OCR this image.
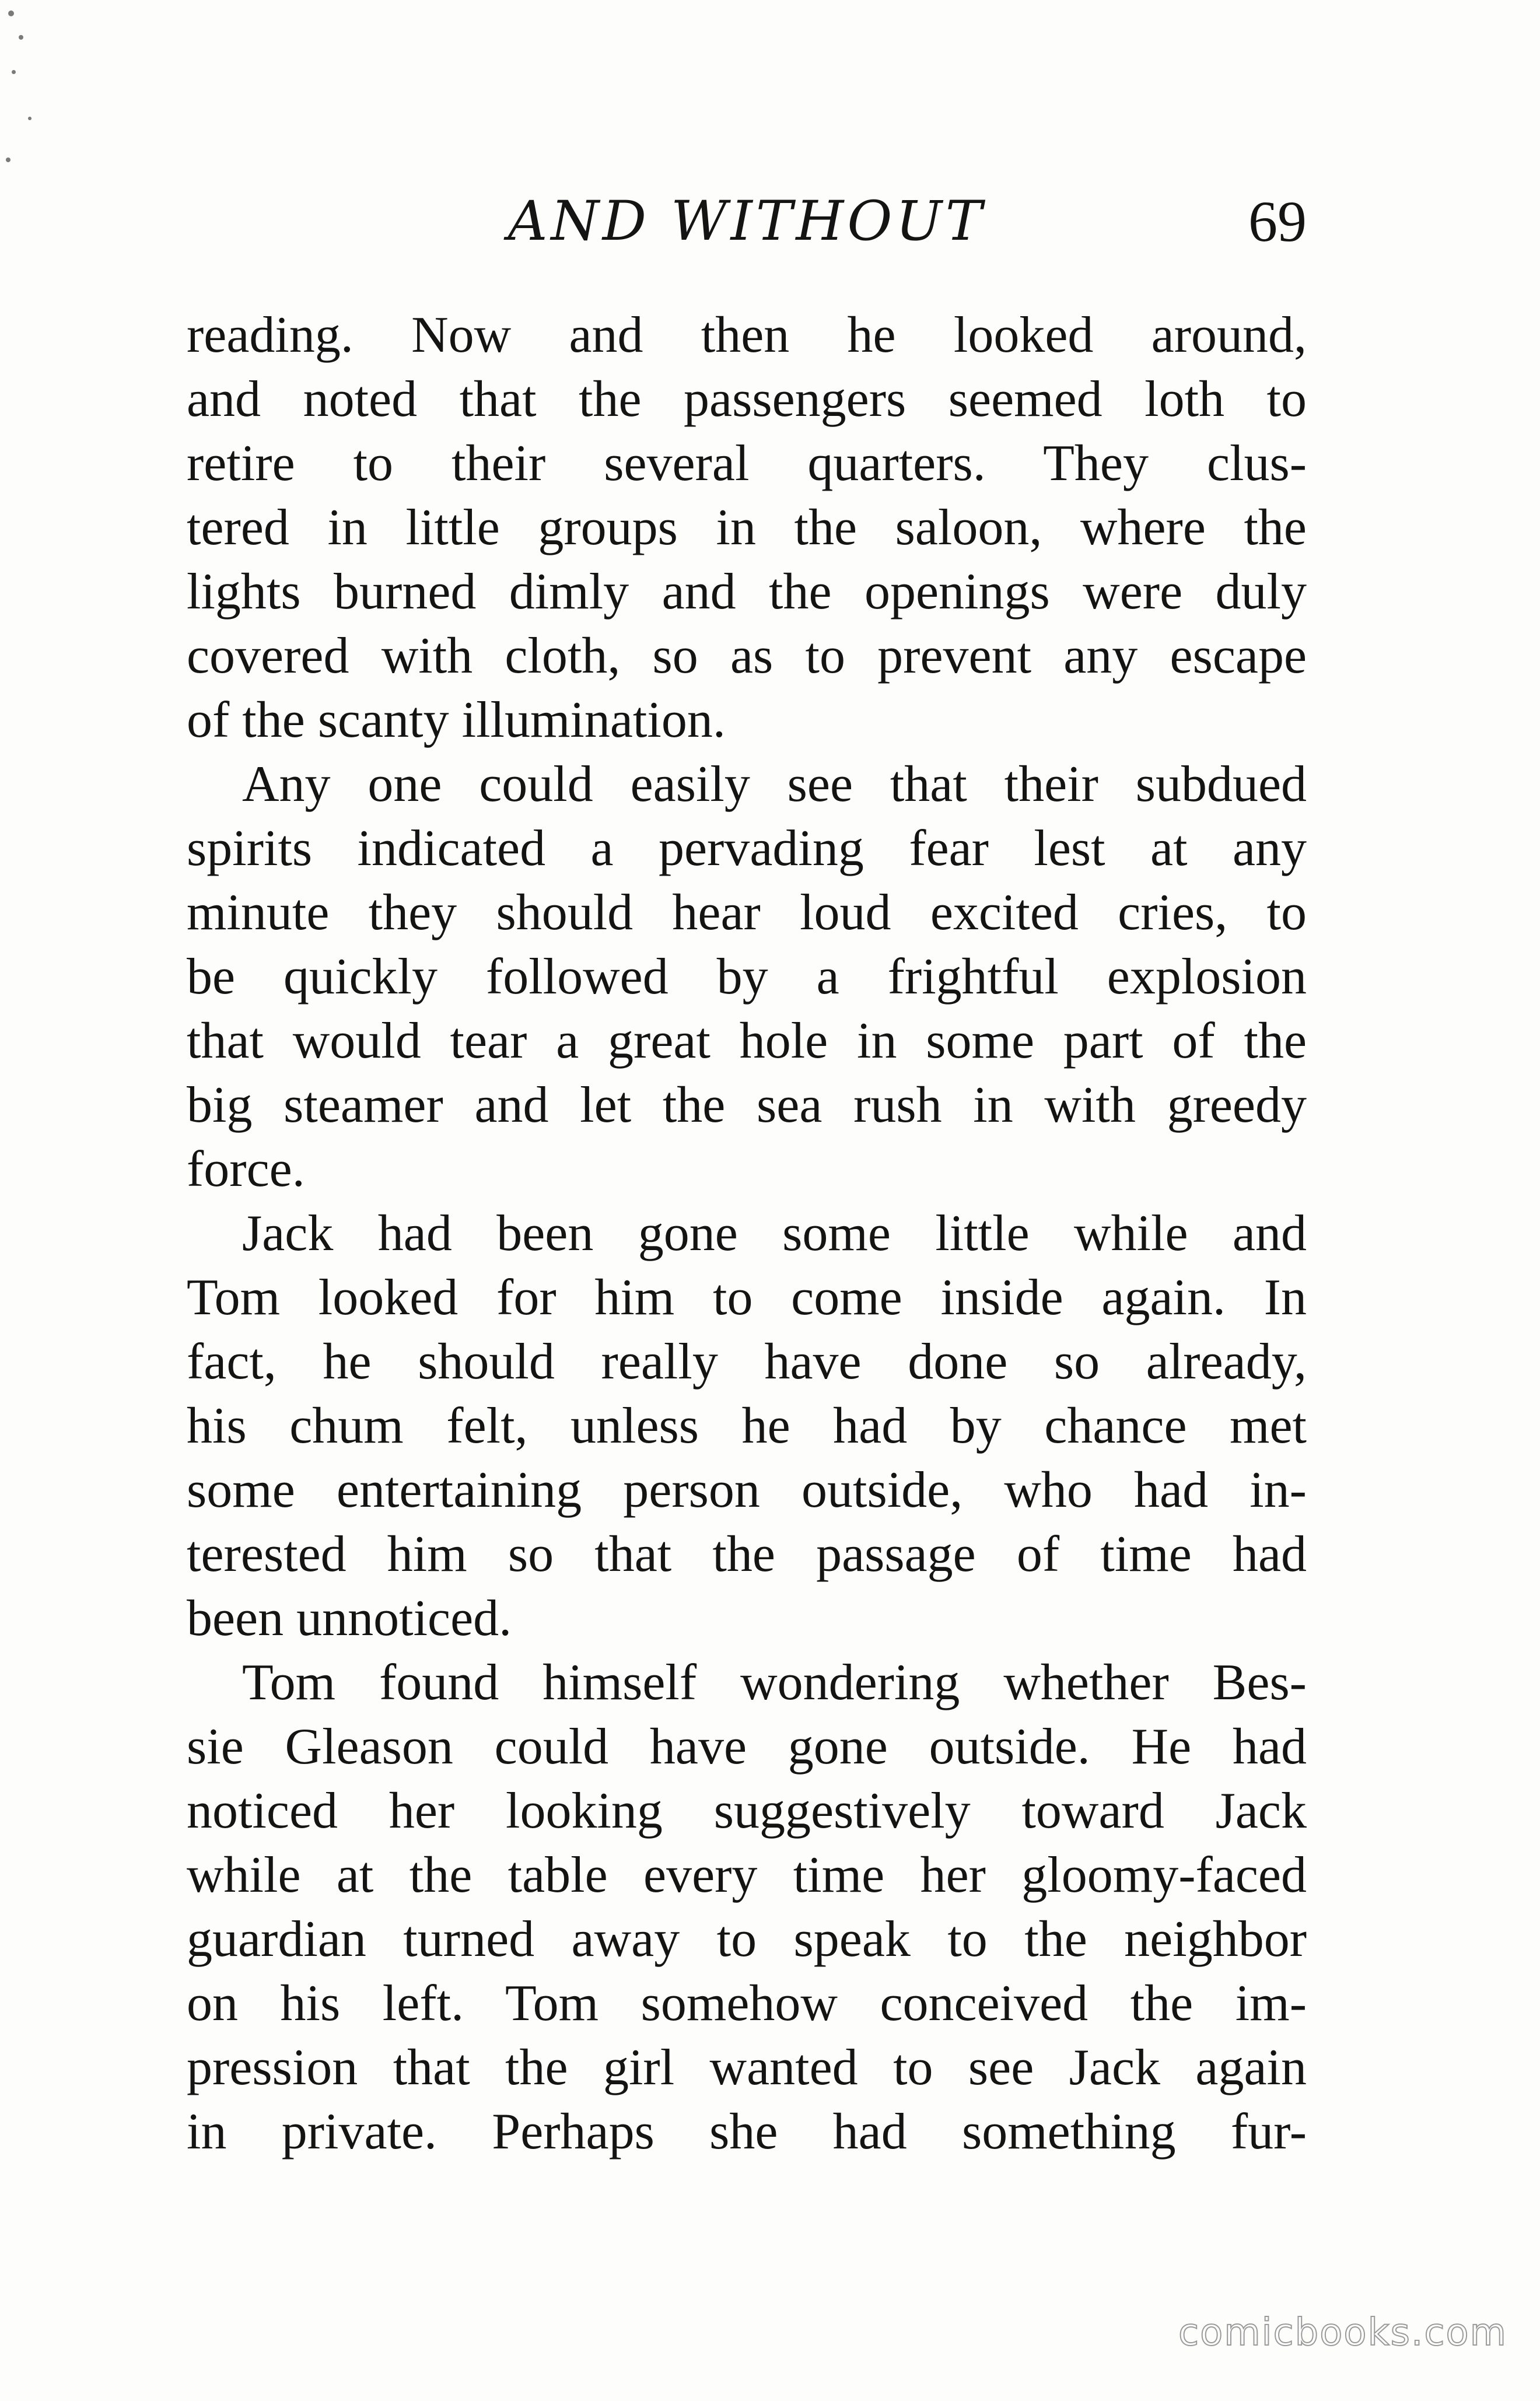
AND WITHOUT	69
reading. Now and then he looked around,
and noted that the passengers seemed loth to
retire to their several quarters. They clus-
tered in little groups in the saloon, where the
lights burned dimly and the openings were duly
covered with cloth, so as to prevent any escape
of the scanty illumination.
Any one could easily see that their subdued
spirits indicated a pervading fear lest at any
minute they should hear loud excited cries, to
be quickly followed by a frightful explosion
that would tear a great hole in some part of the
big steamer and let the sea rush in with greedy
force.
Jack had been gone some little while and
Tom looked for him to come inside again. In
fact, he should really have done so already,
his chum felt, unless he had by chance met
some entertaining person outside, who had in-
terested him so that the passage of time had
been unnoticed.
Tom found himself wondering whether Bes-
sie Gleason could have gone outside. He had
noticed her looking suggestively toward Jack
while at the table every time her gloomy-faced
guardian turned away to speak to the neighbor
on his left. Tom somehow conceived the im-
pression that the girl wanted to see Jack again
in private. Perhaps she had something fur-
comicbooks.com
